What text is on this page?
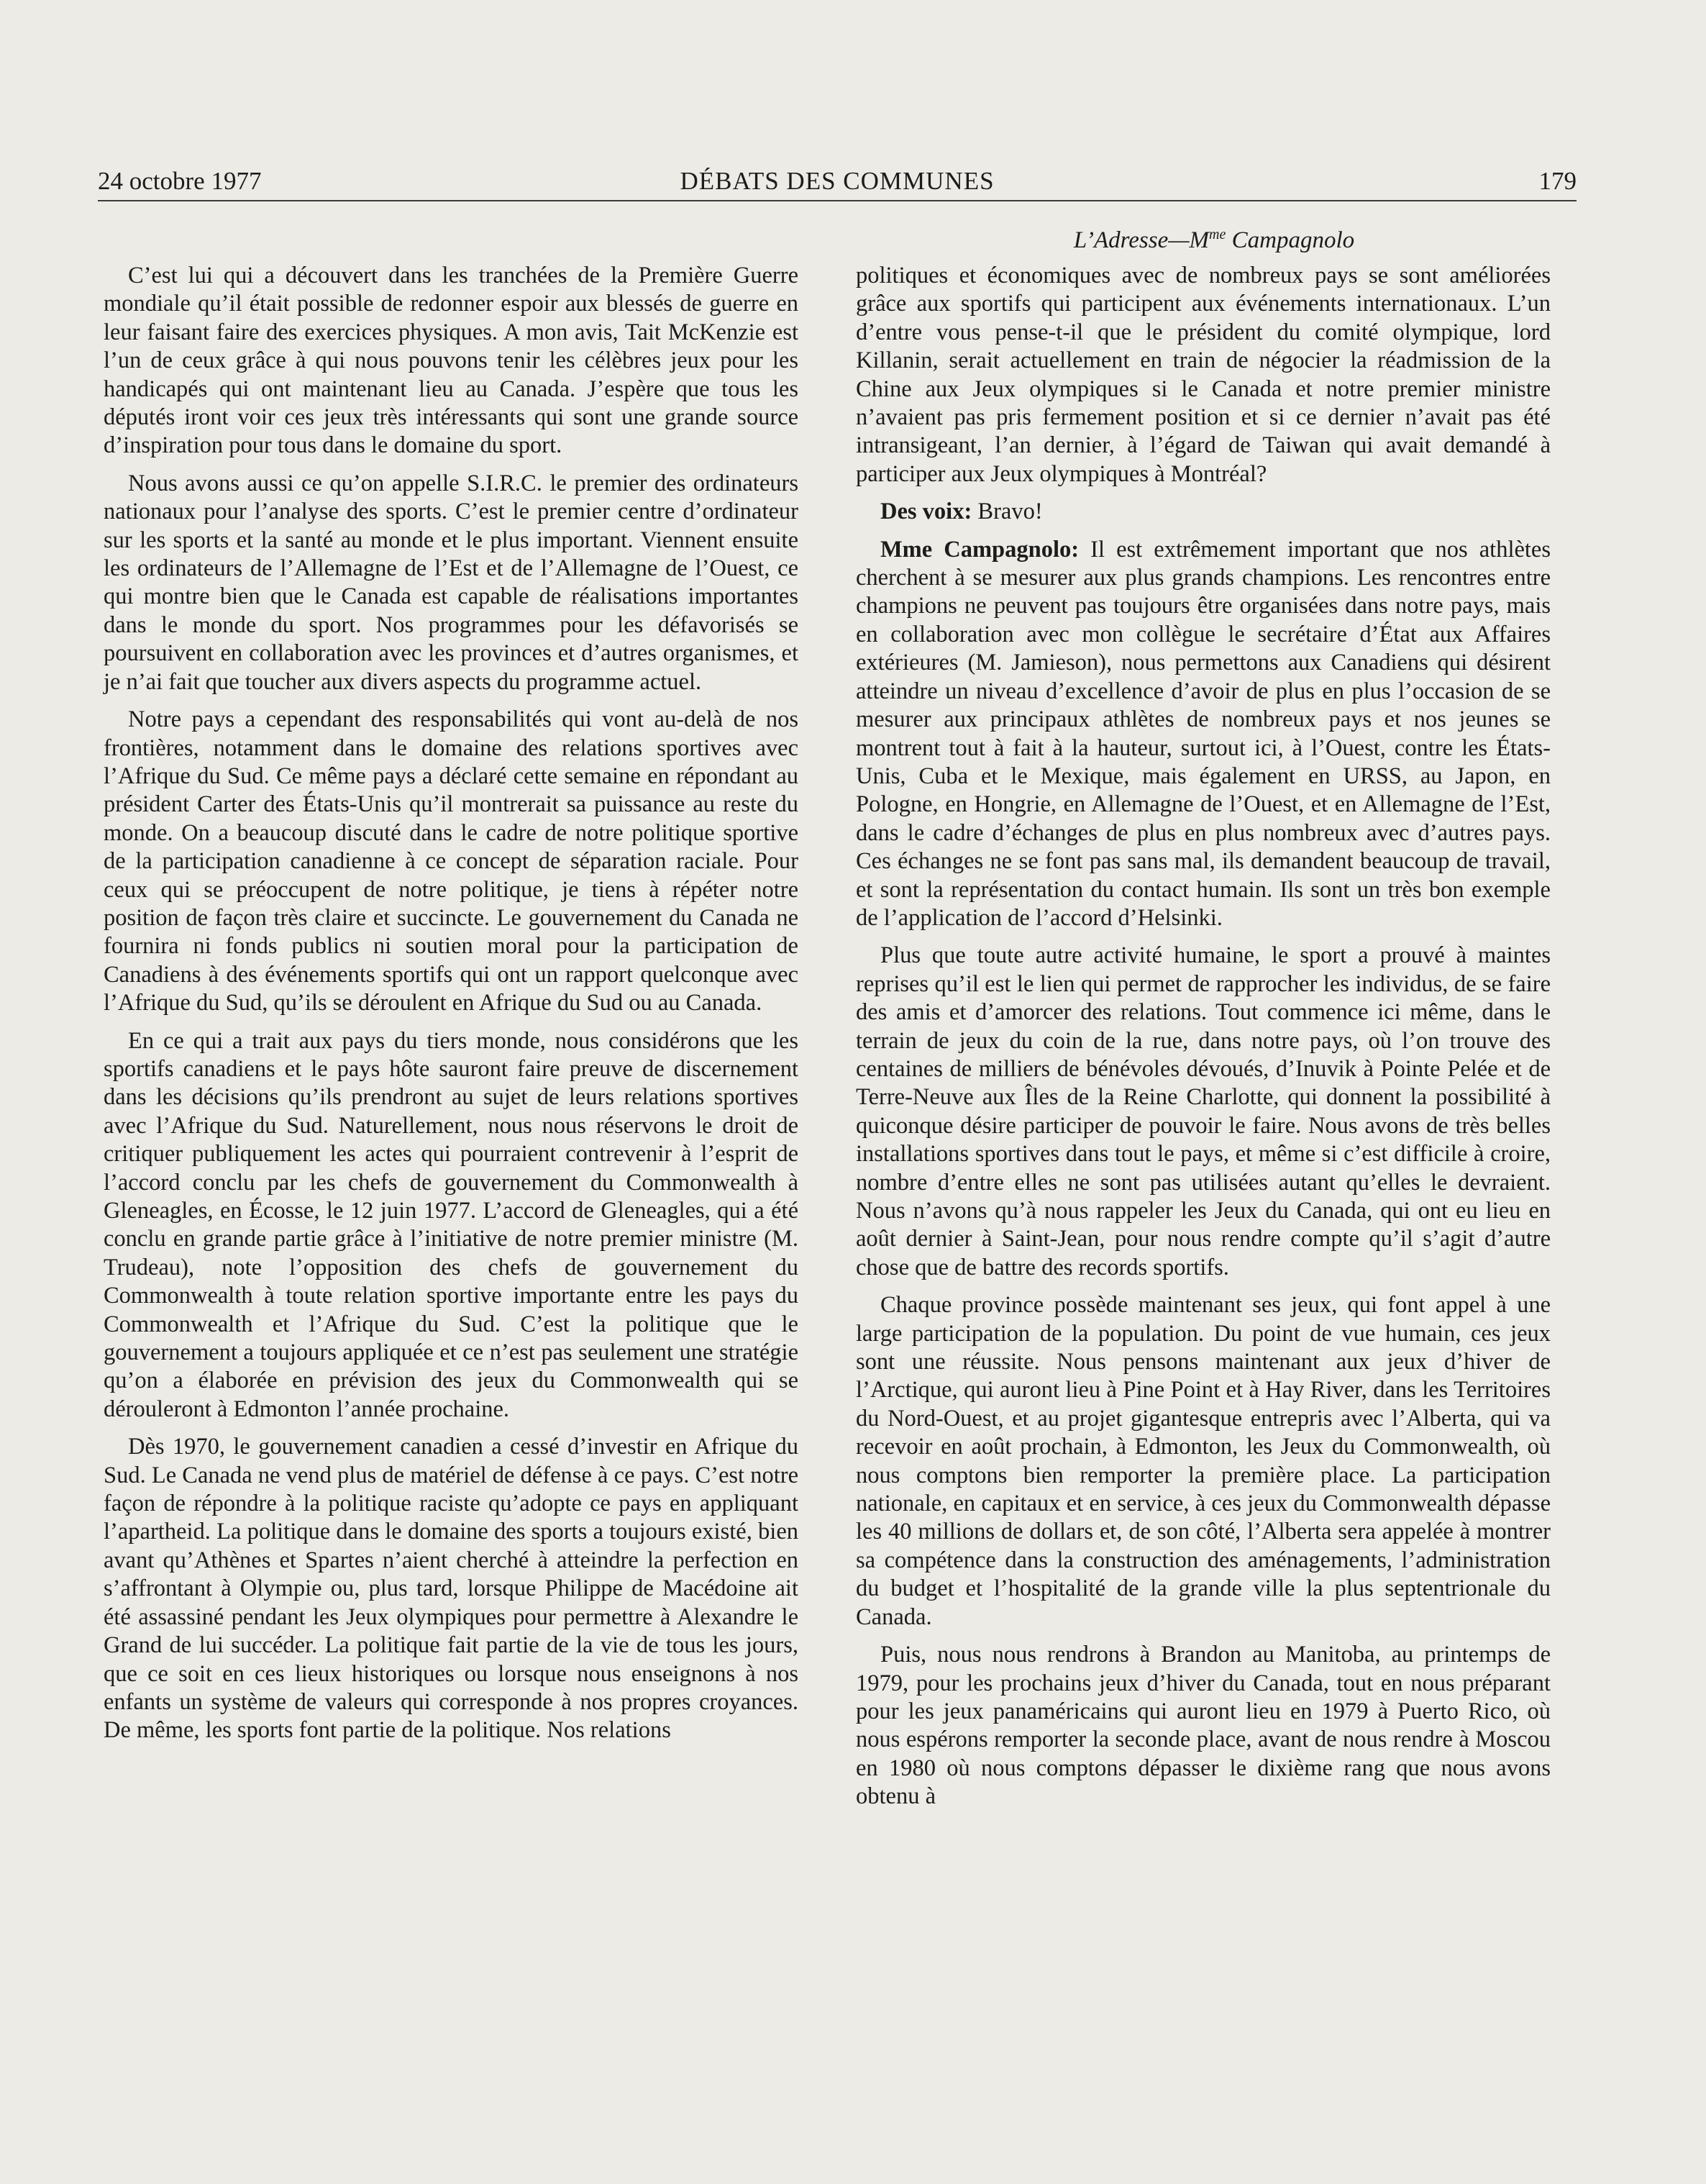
24 octobre 1977	DÉBATS DES COMMUNES	179
$L’Adresse—M^{me}$ Campagnolo

C’est lui qui a découvert dans les tranchées de la Première Guerre mondiale qu’il était possible de redonner espoir aux blessés de guerre en leur faisant faire des exercices physiques. A mon avis, Tait McKenzie est l’un de ceux grâce à qui nous pouvons tenir les célèbres jeux pour les handicapés qui ont maintenant lieu au Canada. J’espère que tous les députés iront voir ces jeux très intéressants qui sont une grande source d’inspiration pour tous dans le domaine du sport.

Nous avons aussi ce qu’on appelle S.I.R.C. le premier des ordinateurs nationaux pour l’analyse des sports. C’est le premier centre d’ordinateur sur les sports et la santé au monde et le plus important. Viennent ensuite les ordinateurs de l’Allemagne de l’Est et de l’Allemagne de l’Ouest, ce qui montre bien que le Canada est capable de réalisations importantes dans le monde du sport. Nos programmes pour les défavorisés se poursuivent en collaboration avec les provinces et d’autres organismes, et je n’ai fait que toucher aux divers aspects du programme actuel.

Notre pays a cependant des responsabilités qui vont au-delà de nos frontières, notamment dans le domaine des relations sportives avec l’Afrique du Sud. Ce même pays a déclaré cette semaine en répondant au président Carter des États-Unis qu’il montrerait sa puissance au reste du monde. On a beaucoup discuté dans le cadre de notre politique sportive de la participation canadienne à ce concept de séparation raciale. Pour ceux qui se préoccupent de notre politique, je tiens à répéter notre position de façon très claire et succincte. Le gouvernement du Canada ne fournira ni fonds publics ni soutien moral pour la participation de Canadiens à des événements sportifs qui ont un rapport quelconque avec l’Afrique du Sud, qu’ils se déroulent en Afrique du Sud ou au Canada.

En ce qui a trait aux pays du tiers monde, nous considérons que les sportifs canadiens et le pays hôte sauront faire preuve de discernement dans les décisions qu’ils prendront au sujet de leurs relations sportives avec l’Afrique du Sud. Naturellement, nous nous réservons le droit de critiquer publiquement les actes qui pourraient contrevenir à l’esprit de l’accord conclu par les chefs de gouvernement du Commonwealth à Gleneagles, en Écosse, le 12 juin 1977. L’accord de Gleneagles, qui a été conclu en grande partie grâce à l’initiative de notre premier ministre (M. Trudeau), note l’opposition des chefs de gouvernement du Commonwealth à toute relation sportive importante entre les pays du Commonwealth et l’Afrique du Sud. C’est la politique que le gouvernement a toujours appliquée et ce n’est pas seulement une stratégie qu’on a élaborée en prévision des jeux du Commonwealth qui se dérouleront à Edmonton l’année prochaine.

Dès 1970, le gouvernement canadien a cessé d’investir en Afrique du Sud. Le Canada ne vend plus de matériel de défense à ce pays. C’est notre façon de répondre à la politique raciste qu’adopte ce pays en appliquant l’apartheid. La politique dans le domaine des sports a toujours existé, bien avant qu’Athènes et Spartes n’aient cherché à atteindre la perfection en s’affrontant à Olympie ou, plus tard, lorsque Philippe de Macédoine ait été assassiné pendant les Jeux olympiques pour permettre à Alexandre le Grand de lui succéder. La politique fait partie de la vie de tous les jours, que ce soit en ces lieux historiques ou lorsque nous enseignons à nos enfants un système de valeurs qui corresponde à nos propres croyances. De même, les sports font partie de la politique. Nos relations

politiques et économiques avec de nombreux pays se sont améliorées grâce aux sportifs qui participent aux événements internationaux. L’un d’entre vous pense-t-il que le président du comité olympique, lord Killanin, serait actuellement en train de négocier la réadmission de la Chine aux Jeux olympiques si le Canada et notre premier ministre n’avaient pas pris fermement position et si ce dernier n’avait pas été intransigeant, l’an dernier, à l’égard de Taiwan qui avait demandé à participer aux Jeux olympiques à Montréal?

Des voix: Bravo!

Mme Campagnolo: Il est extrêmement important que nos athlètes cherchent à se mesurer aux plus grands champions. Les rencontres entre champions ne peuvent pas toujours être organisées dans notre pays, mais en collaboration avec mon collègue le secrétaire d’État aux Affaires extérieures (M. Jamieson), nous permettons aux Canadiens qui désirent atteindre un niveau d’excellence d’avoir de plus en plus l’occasion de se mesurer aux principaux athlètes de nombreux pays et nos jeunes se montrent tout à fait à la hauteur, surtout ici, à l’Ouest, contre les États-Unis, Cuba et le Mexique, mais également en URSS, au Japon, en Pologne, en Hongrie, en Allemagne de l’Ouest, et en Allemagne de l’Est, dans le cadre d’échanges de plus en plus nombreux avec d’autres pays. Ces échanges ne se font pas sans mal, ils demandent beaucoup de travail, et sont la représentation du contact humain. Ils sont un très bon exemple de l’application de l’accord d’Helsinki.

Plus que toute autre activité humaine, le sport a prouvé à maintes reprises qu’il est le lien qui permet de rapprocher les individus, de se faire des amis et d’amorcer des relations. Tout commence ici même, dans le terrain de jeux du coin de la rue, dans notre pays, où l’on trouve des centaines de milliers de bénévoles dévoués, d’Inuvik à Pointe Pelée et de Terre-Neuve aux Îles de la Reine Charlotte, qui donnent la possibilité à quiconque désire participer de pouvoir le faire. Nous avons de très belles installations sportives dans tout le pays, et même si c’est difficile à croire, nombre d’entre elles ne sont pas utilisées autant qu’elles le devraient. Nous n’avons qu’à nous rappeler les Jeux du Canada, qui ont eu lieu en août dernier à Saint-Jean, pour nous rendre compte qu’il s’agit d’autre chose que de battre des records sportifs.

Chaque province possède maintenant ses jeux, qui font appel à une large participation de la population. Du point de vue humain, ces jeux sont une réussite. Nous pensons maintenant aux jeux d’hiver de l’Arctique, qui auront lieu à Pine Point et à Hay River, dans les Territoires du Nord-Ouest, et au projet gigantesque entrepris avec l’Alberta, qui va recevoir en août prochain, à Edmonton, les Jeux du Commonwealth, où nous comptons bien remporter la première place. La participation nationale, en capitaux et en service, à ces jeux du Commonwealth dépasse les 40 millions de dollars et, de son côté, l’Alberta sera appelée à montrer sa compétence dans la construction des aménagements, l’administration du budget et l’hospitalité de la grande ville la plus septentrionale du Canada.

Puis, nous nous rendrons à Brandon au Manitoba, au printemps de 1979, pour les prochains jeux d’hiver du Canada, tout en nous préparant pour les jeux panaméricains qui auront lieu en 1979 à Puerto Rico, où nous espérons remporter la seconde place, avant de nous rendre à Moscou en 1980 où nous comptons dépasser le dixième rang que nous avons obtenu à
